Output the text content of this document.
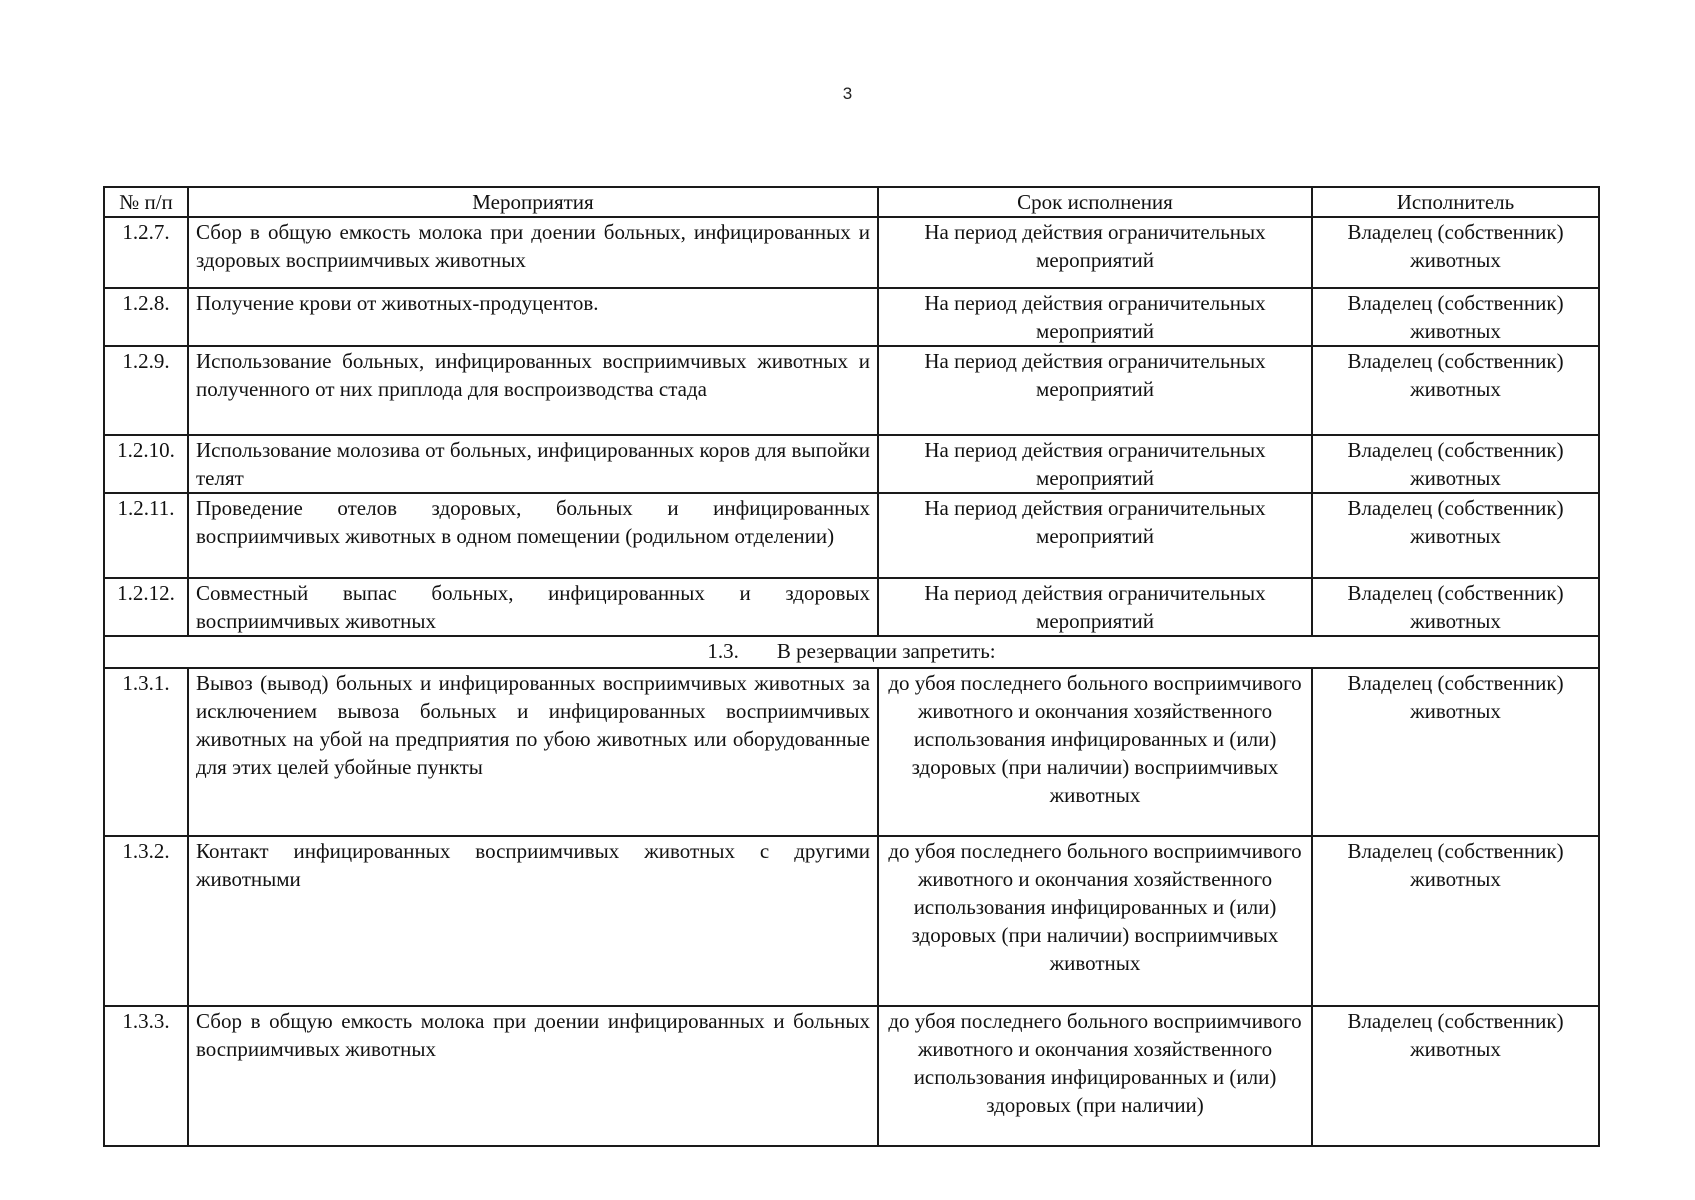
3
№ п/п	Мероприятия	Срок исполнения	Исполнитель
1.2.7.	Сбор в общую емкость молока при доении больных, инфицированных и здоровых восприимчивых животных	На период действия ограничительных мероприятий	Владелец (собственник) животных
1.2.8.	Получение крови от животных-продуцентов.	На период действия ограничительных мероприятий	Владелец (собственник) животных
1.2.9.	Использование больных, инфицированных восприимчивых животных и полученного от них приплода для воспроизводства стада	На период действия ограничительных мероприятий	Владелец (собственник) животных
1.2.10.	Использование молозива от больных, инфицированных коров для выпойки телят	На период действия ограничительных мероприятий	Владелец (собственник) животных
1.2.11.	Проведение отелов здоровых, больных и инфицированных восприимчивых животных в одном помещении (родильном отделении)	На период действия ограничительных мероприятий	Владелец (собственник) животных
1.2.12.	Совместный выпас больных, инфицированных и здоровых восприимчивых животных	На период действия ограничительных мероприятий	Владелец (собственник) животных
1.3. В резервации запретить:			
1.3.1.	Вывоз (вывод) больных и инфицированных восприимчивых животных за исключением вывоза больных и инфицированных восприимчивых животных на убой на предприятия по убою животных или оборудованные для этих целей убойные пункты	до убоя последнего больного восприимчивого животного и окончания хозяйственного использования инфицированных и (или) здоровых (при наличии) восприимчивых животных	Владелец (собственник) животных
1.3.2.	Контакт инфицированных восприимчивых животных с другими животными	до убоя последнего больного восприимчивого животного и окончания хозяйственного использования инфицированных и (или) здоровых (при наличии) восприимчивых животных	Владелец (собственник) животных
1.3.3.	Сбор в общую емкость молока при доении инфицированных и больных восприимчивых животных	до убоя последнего больного восприимчивого животного и окончания хозяйственного использования инфицированных и (или) здоровых (при наличии)	Владелец (собственник) животных
